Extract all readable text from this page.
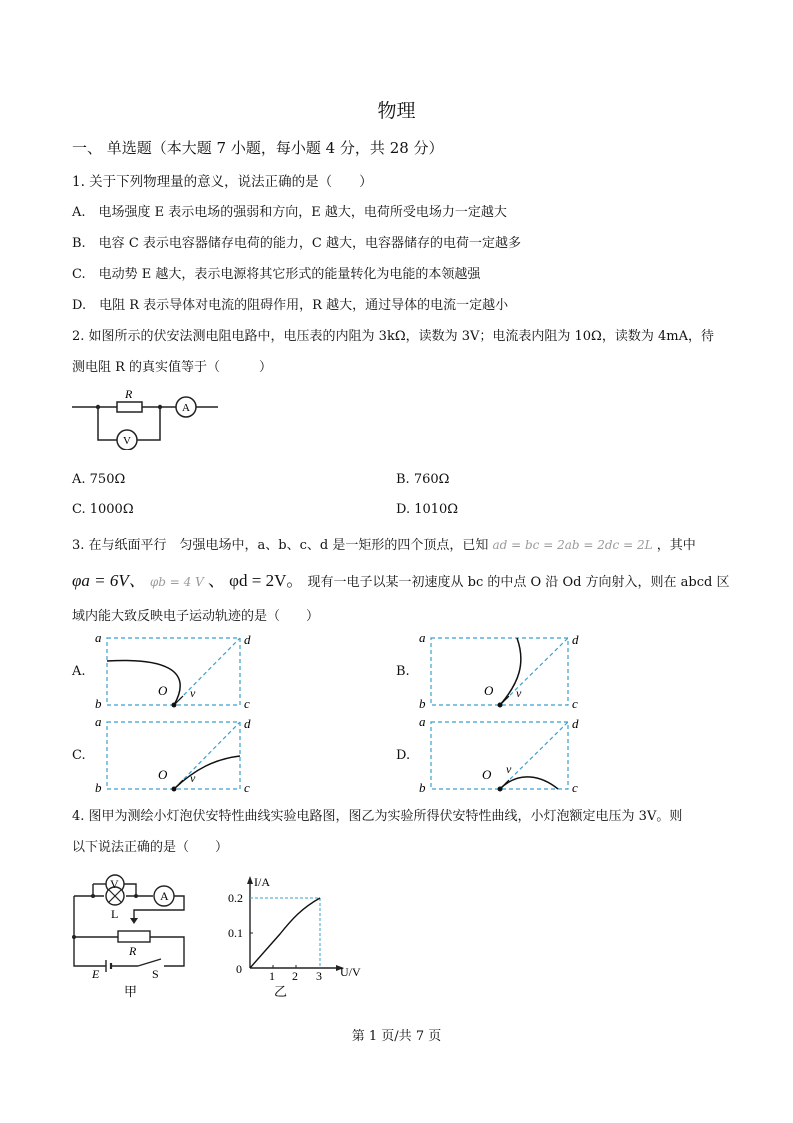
物理
一、 单选题（本大题 7 小题，每小题 4 分，共 28 分）
1. 关于下列物理量的意义，说法正确的是（　　）
A.　电场强度 E 表示电场的强弱和方向，E 越大，电荷所受电场力一定越大
B.　电容 C 表示电容器储存电荷的能力，C 越大，电容器储存的电荷一定越多
C.　电动势 E 越大，表示电源将其它形式的能量转化为电能的本领越强
D.　电阻 R 表示导体对电流的阻碍作用，R 越大，通过导体的电流一定越小
2. 如图所示的伏安法测电阻电路中，电压表的内阻为 3kΩ，读数为 3V；电流表内阻为 10Ω，读数为 4mA，待
测电阻 R 的真实值等于（　　　）
R
A
V
A. 750Ω	B. 760Ω
C. 1000Ω	D. 1010Ω
3. 在与纸面平行　匀强电场中，a、b、c、d 是一矩形的四个顶点，已知 ad = bc = 2ab = 2dc = 2L ，其中
φa = 6V、 φb = 4 V 、 φd = 2V。 现有一电子以某一初速度从 bc 的中点 O 沿 Od 方向射入，则在 abcd 区
域内能大致反映电子运动轨迹的是（　　）
A.
a
b	c
d
O v
B.
a
b	c
d
O v
C.
a
b	c
d
O v
D.
a
b	c
d
O v
4. 图甲为测绘小灯泡伏安特性曲线实验电路图，图乙为实验所得伏安特性曲线，小灯泡额定电压为 3V。则
以下说法正确的是（　　）
V
A
L
R
E	S
甲
I/A
U/V
0
0.1
0.2
1 2 3
乙
第 1 页/共 7 页
